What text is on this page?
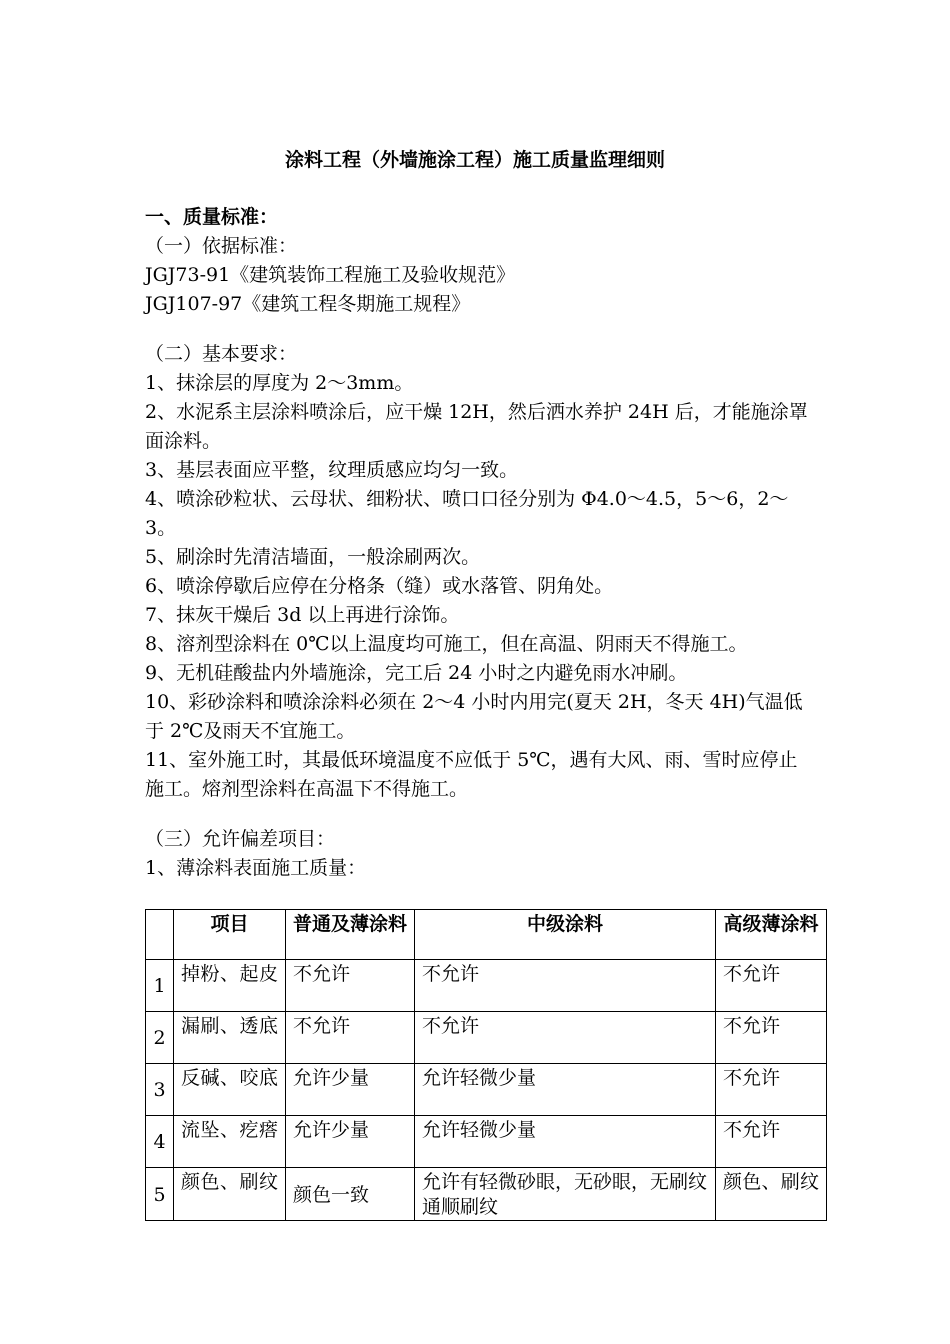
涂料工程（外墙施涂工程）施工质量监理细则

一、质量标准：

（一）依据标准：

JGJ73-91《建筑装饰工程施工及验收规范》

JGJ107-97《建筑工程冬期施工规程》

（二）基本要求：

1、抹涂层的厚度为 2～3mm。

2、水泥系主层涂料喷涂后，应干燥 12H，然后洒水养护 24H 后，才能施涂罩面涂料。

3、基层表面应平整，纹理质感应均匀一致。

4、喷涂砂粒状、云母状、细粉状、喷口口径分别为 Φ4.0～4.5，5～6，2～3。

5、刷涂时先清洁墙面，一般涂刷两次。

6、喷涂停歇后应停在分格条（缝）或水落管、阴角处。

7、抹灰干燥后 3d 以上再进行涂饰。

8、溶剂型涂料在 0℃以上温度均可施工，但在高温、阴雨天不得施工。

9、无机硅酸盐内外墙施涂，完工后 24 小时之内避免雨水冲刷。

10、彩砂涂料和喷涂涂料必须在 2～4 小时内用完(夏天 2H，冬天 4H)气温低于 2℃及雨天不宜施工。

11、室外施工时，其最低环境温度不应低于 5℃，遇有大风、雨、雪时应停止施工。熔剂型涂料在高温下不得施工。

（三）允许偏差项目：

1、薄涂料表面施工质量：

	项目	普通及薄涂料	中级涂料	高级薄涂料
1	掉粉、起皮	不允许	不允许	不允许
2	漏刷、透底	不允许	不允许	不允许
3	反碱、咬底	允许少量	允许轻微少量	不允许
4	流坠、疙瘩	允许少量	允许轻微少量	不允许
5	颜色、刷纹	颜色一致	允许有轻微砂眼，无砂眼，无刷纹通顺刷纹	颜色、刷纹
